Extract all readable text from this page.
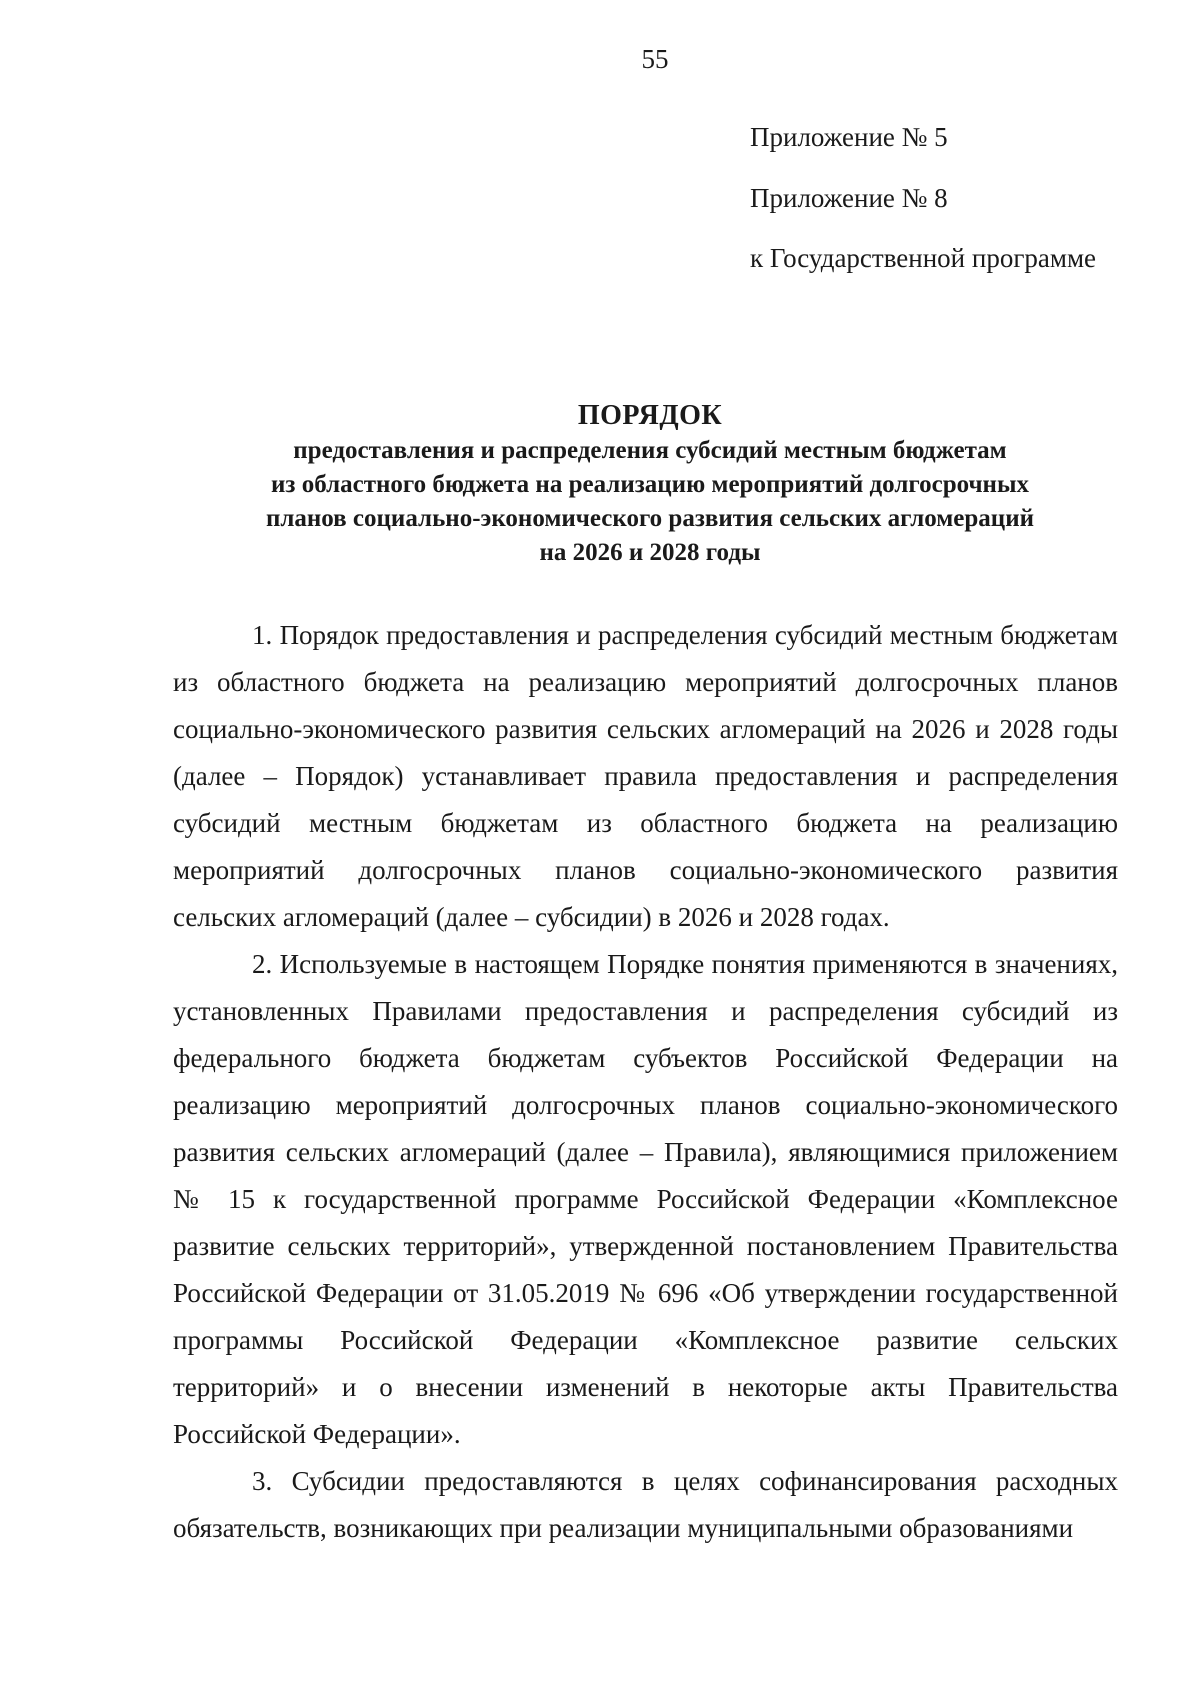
55
Приложение № 5
Приложение № 8
к Государственной программе
ПОРЯДОК
предоставления и распределения субсидий местным бюджетам
из областного бюджета на реализацию мероприятий долгосрочных
планов социально-экономического развития сельских агломераций
на 2026 и 2028 годы

1. Порядок предоставления и распределения субсидий местным бюджетам из областного бюджета на реализацию мероприятий долгосрочных планов социально-экономического развития сельских агломераций на 2026 и 2028 годы (далее – Порядок) устанавливает правила предоставления и распределения субсидий местным бюджетам из областного бюджета на реализацию мероприятий долгосрочных планов социально-экономического развития сельских агломераций (далее – субсидии) в 2026 и 2028 годах.

2. Используемые в настоящем Порядке понятия применяются в значениях, установленных Правилами предоставления и распределения субсидий из федерального бюджета бюджетам субъектов Российской Федерации на реализацию мероприятий долгосрочных планов социально-экономического развития сельских агломераций (далее – Правила), являющимися приложением № 15 к государственной программе Российской Федерации «Комплексное развитие сельских территорий», утвержденной постановлением Правительства Российской Федерации от 31.05.2019 № 696 «Об утверждении государственной программы Российской Федерации «Комплексное развитие сельских территорий» и о внесении изменений в некоторые акты Правительства Российской Федерации».

3. Субсидии предоставляются в целях софинансирования расходных обязательств, возникающих при реализации муниципальными образованиями
